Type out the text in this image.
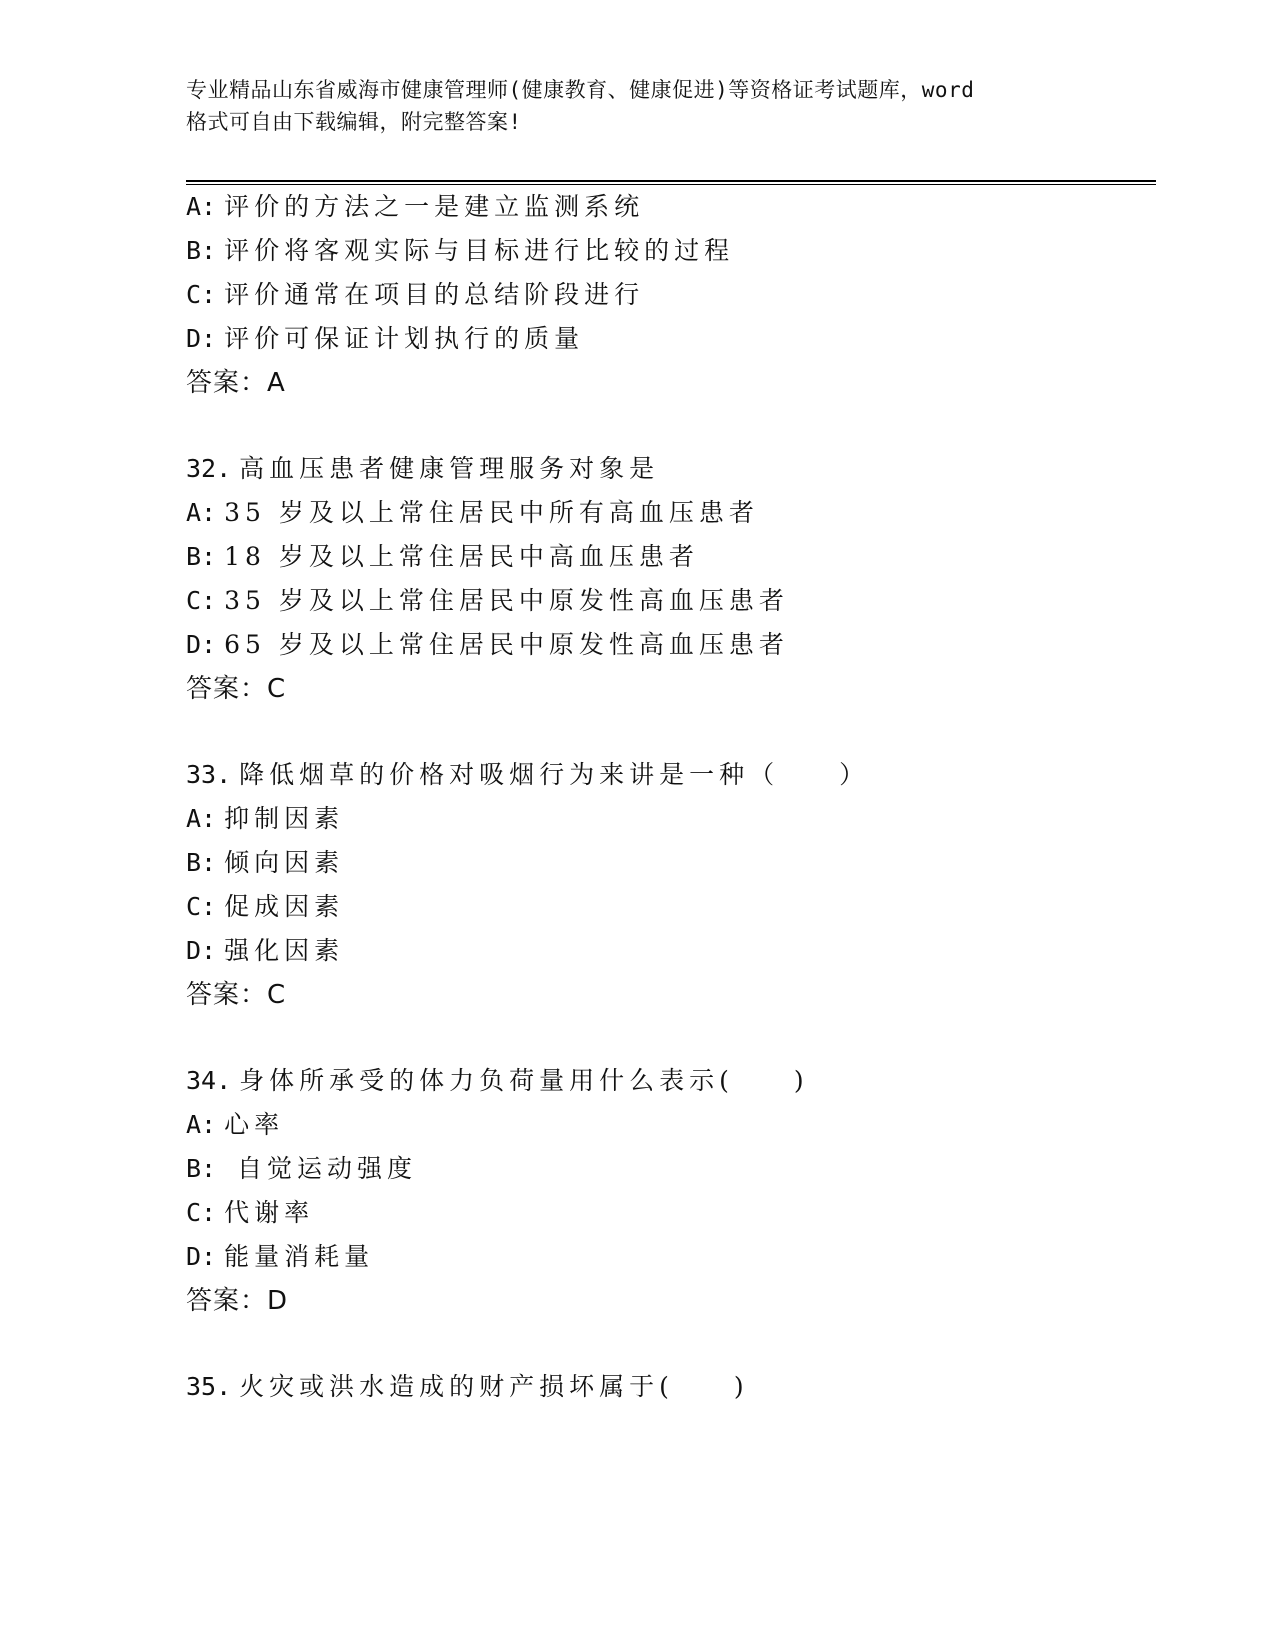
专业精品山东省威海市健康管理师(健康教育、健康促进)等资格证考试题库，word
格式可自由下载编辑，附完整答案!
A: 评价的方法之一是建立监测系统
B: 评价将客观实际与目标进行比较的过程
C: 评价通常在项目的总结阶段进行
D: 评价可保证计划执行的质量
答案：A
32. 高血压患者健康管理服务对象是
A: 35 岁及以上常住居民中所有高血压患者
B: 18 岁及以上常住居民中高血压患者
C: 35 岁及以上常住居民中原发性高血压患者
D: 65 岁及以上常住居民中原发性高血压患者
答案：C
33. 降低烟草的价格对吸烟行为来讲是一种（　　）
A: 抑制因素
B: 倾向因素
C: 促成因素
D: 强化因素
答案：C
34. 身体所承受的体力负荷量用什么表示(　　)
A: 心率
B: 自觉运动强度
C: 代谢率
D: 能量消耗量
答案：D
35. 火灾或洪水造成的财产损坏属于(　　)
